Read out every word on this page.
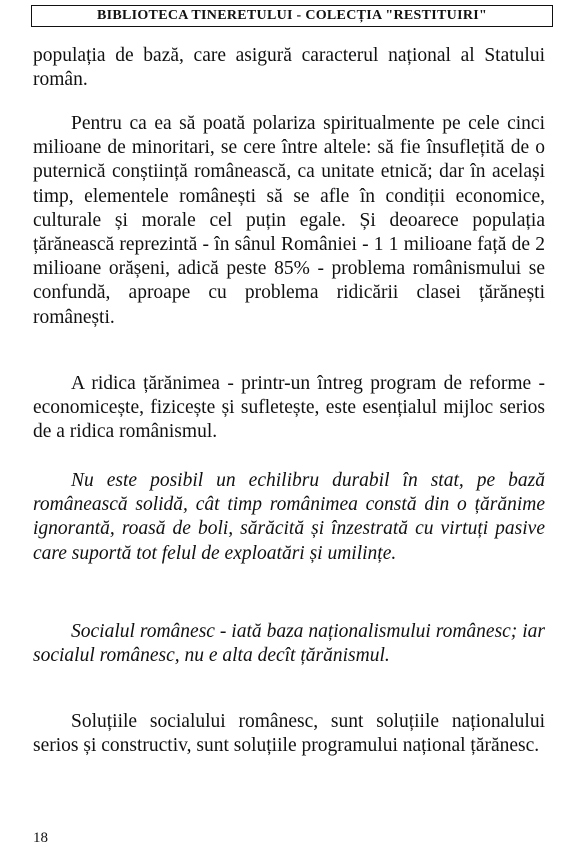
BIBLIOTECA TINERETULUI - COLECȚIA "RESTITUIRI"

populația de bază, care asigură caracterul național al Statului român.

Pentru ca ea să poată polariza spiritualmente pe cele cinci milioane de minoritari, se cere între altele: să fie însuflețită de o puternică conștiință românească, ca unitate etnică; dar în același timp, elementele românești să se afle în condiții economice, culturale și morale cel puțin egale. Și deoarece populația țărănească reprezintă - în sânul României - 1 1 milioane față de 2 milioane orășeni, adică peste 85% - problema românismului se confundă, aproape cu problema ridicării clasei țărănești românești.

A ridica țărănimea - printr-un întreg program de reforme - economicește, fizicește și sufletește, este esențialul mijloc serios de a ridica românismul.

Nu este posibil un echilibru durabil în stat, pe bază românească solidă, cât timp românimea constă din o țărănime ignorantă, roasă de boli, sărăcită și înzestrată cu virtuți pasive care suportă tot felul de exploatări și umilințe.

Socialul românesc - iată baza naționalismului românesc; iar socialul românesc, nu e alta decît țărănismul.

Soluțiile socialului românesc, sunt soluțiile naționalului serios și constructiv, sunt soluțiile programului național țărănesc.

18
